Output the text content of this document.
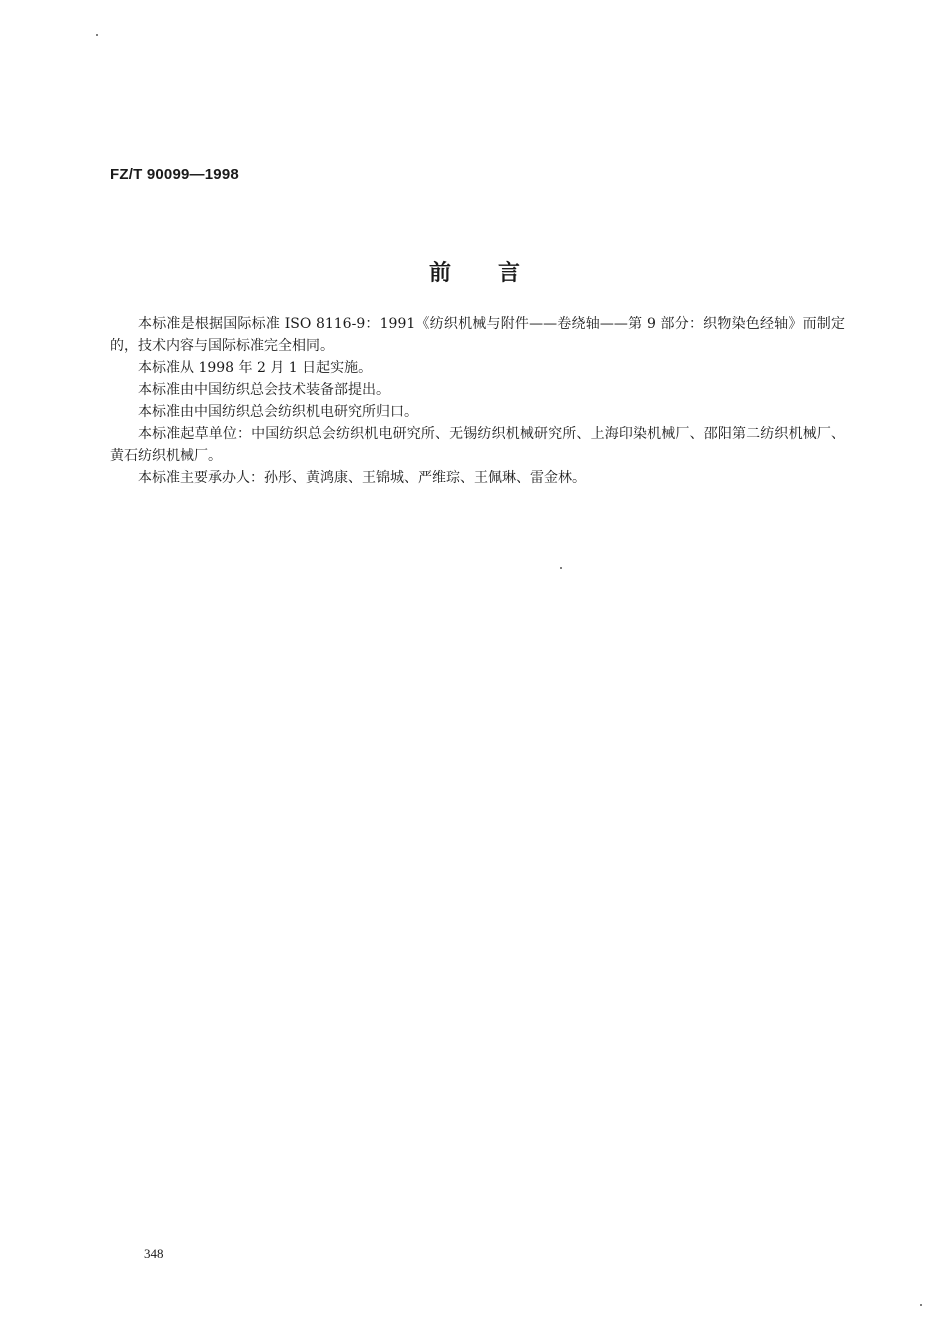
FZ/T 90099—1998
前　　言

本标准是根据国际标准 ISO 8116-9：1991《纺织机械与附件——卷绕轴——第 9 部分：织物染色经轴》而制定的，技术内容与国际标准完全相同。

本标准从 1998 年 2 月 1 日起实施。

本标准由中国纺织总会技术装备部提出。

本标准由中国纺织总会纺织机电研究所归口。

本标准起草单位：中国纺织总会纺织机电研究所、无锡纺织机械研究所、上海印染机械厂、邵阳第二纺织机械厂、黄石纺织机械厂。

本标准主要承办人：孙彤、黄鸿康、王锦城、严维琮、王佩琳、雷金林。

348
